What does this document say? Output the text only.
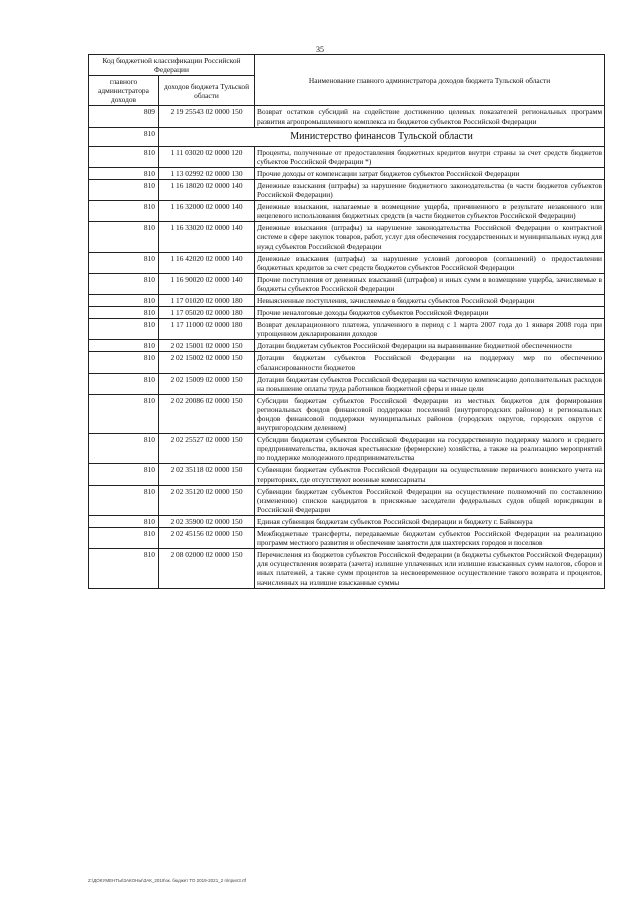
35
Код бюджетной классификации Российской Федерации		Наименование главного администратора доходов бюджета Тульской области
главного администратора доходов	доходов бюджета Тульской области	
809	2 19 25543 02 0000 150	Возврат остатков субсидий на содействие достижению целевых показателей региональных программ развития агропромышленного комплекса из бюджетов субъектов Российской Федерации
810	Министерство финансов Тульской области	
810	1 11 03020 02 0000 120	Проценты, полученные от предоставления бюджетных кредитов внутри страны за счет средств бюджетов субъектов Российской Федерации *)
810	1 13 02992 02 0000 130	Прочие доходы от компенсации затрат бюджетов субъектов Российской Федерации
810	1 16 18020 02 0000 140	Денежные взыскания (штрафы) за нарушение бюджетного законодательства (в части бюджетов субъектов Российской Федерации)
810	1 16 32000 02 0000 140	Денежные взыскания, налагаемые в возмещение ущерба, причиненного в результате незаконного или нецелевого использования бюджетных средств (в части бюджетов субъектов Российской Федерации)
810	1 16 33020 02 0000 140	Денежные взыскания (штрафы) за нарушение законодательства Российской Федерации о контрактной системе в сфере закупок товаров, работ, услуг для обеспечения государственных и муниципальных нужд для нужд субъектов Российской Федерации
810	1 16 42020 02 0000 140	Денежные взыскания (штрафы) за нарушение условий договоров (соглашений) о предоставлении бюджетных кредитов за счет средств бюджетов субъектов Российской Федерации
810	1 16 90020 02 0000 140	Прочие поступления от денежных взысканий (штрафов) и иных сумм в возмещение ущерба, зачисляемые в бюджеты субъектов Российской Федерации
810	1 17 01020 02 0000 180	Невыясненные поступления, зачисляемые в бюджеты субъектов Российской Федерации
810	1 17 05020 02 0000 180	Прочие неналоговые доходы бюджетов субъектов Российской Федерации
810	1 17 11000 02 0000 180	Возврат декларационного платежа, уплаченного в период с 1 марта 2007 года до 1 января 2008 года при упрощенном декларировании доходов
810	2 02 15001 02 0000 150	Дотации бюджетам субъектов Российской Федерации на выравнивание бюджетной обеспеченности
810	2 02 15002 02 0000 150	Дотации бюджетам субъектов Российской Федерации на поддержку мер по обеспечению сбалансированности бюджетов
810	2 02 15009 02 0000 150	Дотации бюджетам субъектов Российской Федерации на частичную компенсацию дополнительных расходов на повышение оплаты труда работников бюджетной сферы и иные цели
810	2 02 20086 02 0000 150	Субсидии бюджетам субъектов Российской Федерации из местных бюджетов для формирования региональных фондов финансовой поддержки поселений (внутригородских районов) и региональных фондов финансовой поддержки муниципальных районов (городских округов, городских округов с внутригородским делением)
810	2 02 25527 02 0000 150	Субсидии бюджетам субъектов Российской Федерации на государственную поддержку малого и среднего предпринимательства, включая крестьянские (фермерские) хозяйства, а также на реализацию мероприятий по поддержке молодежного предпринимательства
810	2 02 35118 02 0000 150	Субвенции бюджетам субъектов Российской Федерации на осуществление первичного воинского учета на территориях, где отсутствуют военные комиссариаты
810	2 02 35120 02 0000 150	Субвенции бюджетам субъектов Российской Федерации на осуществление полномочий по составлению (изменению) списков кандидатов в присяжные заседатели федеральных судов общей юрисдикции в Российской Федерации
810	2 02 35900 02 0000 150	Единая субвенция бюджетам субъектов Российской Федерации и бюджету г. Байконура
810	2 02 45156 02 0000 150	Межбюджетные трансферты, передаваемые бюджетам субъектов Российской Федерации на реализацию программ местного развития и обеспечение занятости для шахтерских городов и поселков
810	2 08 02000 02 0000 150	Перечисления из бюджетов субъектов Российской Федерации (в бюджеты субъектов Российской Федерации) для осуществления возврата (зачета) излишне уплаченных или излишне взысканных сумм налогов, сборов и иных платежей, а также сумм процентов за несвоевременное осуществление такого возврата и процентов, начисленных на излишне взысканные суммы
Z:\ДОКУМЕНТЫ\ЗАКОНЫ\ЗАК_2019\зк. бюджет ТО 2019-2021_2 п\прил3.rtf
